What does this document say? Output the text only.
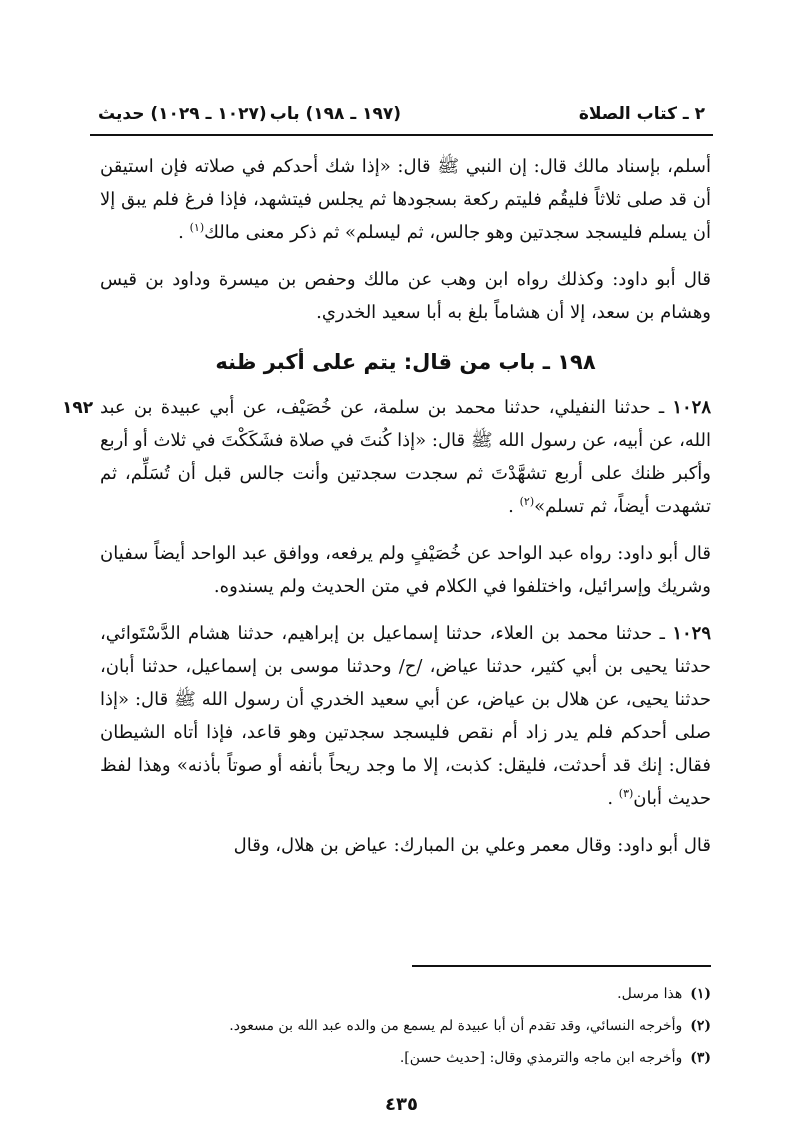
٢ ـ كتاب الصلاة
(١٩٧ ـ ١٩٨) باب
(١٠٢٧ ـ ١٠٢٩) حديث
١٩٢

أسلم، بإسناد مالك قال: إن النبي ﷺ قال: «إذا شك أحدكم في صلاته فإن استيقن أن قد صلى ثلاثاً فليقُم فليتم ركعة بسجودها ثم يجلس فيتشهد، فإذا فرغ فلم يبق إلا أن يسلم فليسجد سجدتين وهو جالس، ثم ليسلم» ثم ذكر معنى مالك$^{(١)}$ .

قال أبو داود: وكذلك رواه ابن وهب عن مالك وحفص بن ميسرة وداود بن قيس وهشام بن سعد، إلا أن هشاماً بلغ به أبا سعيد الخدري.

١٩٨ ـ باب من قال: يتم على أكبر ظنه

١٠٢٨ ـ حدثنا النفيلي، حدثنا محمد بن سلمة، عن خُصَيْف، عن أبي عبيدة بن عبد الله، عن أبيه، عن رسول الله ﷺ قال: «إذا كُنتَ في صلاة فشَكَكْتَ في ثلاث أو أربع وأكبر ظنك على أربع تشهَّدْتَ ثم سجدت سجدتين وأنت جالس قبل أن تُسَلِّم، ثم تشهدت أيضاً، ثم تسلم»$^{(٢)}$ .

قال أبو داود: رواه عبد الواحد عن خُصَيْفٍ ولم يرفعه، ووافق عبد الواحد أيضاً سفيان وشريك وإسرائيل، واختلفوا في الكلام في متن الحديث ولم يسندوه.

١٠٢٩ ـ حدثنا محمد بن العلاء، حدثنا إسماعيل بن إبراهيم، حدثنا هشام الدَّسْتَوائي، حدثنا يحيى بن أبي كثير، حدثنا عياض، /ح/ وحدثنا موسى بن إسماعيل، حدثنا أبان، حدثنا يحيى، عن هلال بن عياض، عن أبي سعيد الخدري أن رسول الله ﷺ قال: «إذا صلى أحدكم فلم يدر زاد أم نقص فليسجد سجدتين وهو قاعد، فإذا أتاه الشيطان فقال: إنك قد أحدثت، فليقل: كذبت، إلا ما وجد ريحاً بأنفه أو صوتاً بأذنه» وهذا لفظ حديث أبان$^{(٣)}$ .

قال أبو داود: وقال معمر وعلي بن المبارك: عياض بن هلال، وقال

(١)هذا مرسل.
(٢)وأخرجه النسائي، وقد تقدم أن أبا عبيدة لم يسمع من والده عبد الله بن مسعود.
(٣)وأخرجه ابن ماجه والترمذي وقال: [حديث حسن].
٤٣٥
